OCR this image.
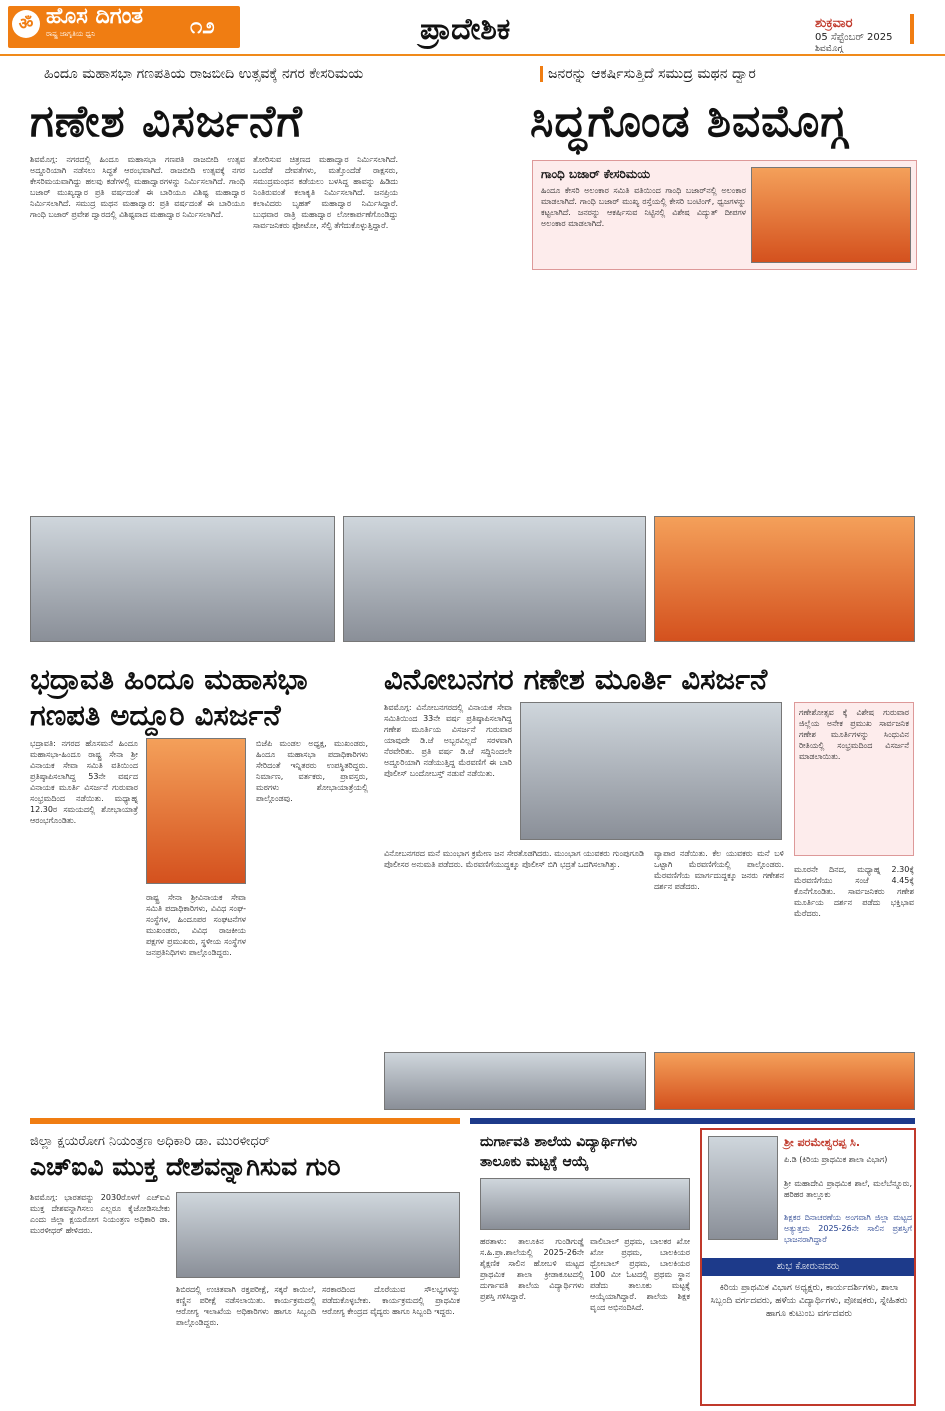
ॐ ಹೊಸ ದಿಗಂತ
ರಾಷ್ಟ್ರ ಜಾಗೃತಿಯ ಧ್ವನಿ	೧೨	ಪ್ರಾದೇಶಿಕ	ಶುಕ್ರವಾರ
05 ಸೆಪ್ಟೆಂಬರ್ 2025
ಶಿವಮೊಗ್ಗ
ಹಿಂದೂ ಮಹಾಸಭಾ ಗಣಪತಿಯ ರಾಜಬೀದಿ ಉತ್ಸವಕ್ಕೆ ನಗರ ಕೇಸರಿಮಯ	ಜನರನ್ನು ಆಕರ್ಷಿಸುತ್ತಿದೆ ಸಮುದ್ರ ಮಥನ ದ್ವಾರ
ಗಣೇಶ ವಿಸರ್ಜನೆಗೆ	ಸಿದ್ಧಗೊಂಡ ಶಿವಮೊಗ್ಗ
ಶಿವಮೊಗ್ಗ: ನಗರದಲ್ಲಿ ಹಿಂದೂ ಮಹಾಸಭಾ ಗಣಪತಿ ರಾಜಬೀದಿ ಉತ್ಸವ ಅದ್ದೂರಿಯಾಗಿ ನಡೆಸಲು ಸಿದ್ಧತೆ ಆರಂಭವಾಗಿದೆ. ರಾಜಬೀದಿ ಉತ್ಸವಕ್ಕೆ ನಗರ ಕೇಸರಿಮಯವಾಗಿದ್ದು ಹಲವು ಕಡೆಗಳಲ್ಲಿ ಮಹಾದ್ವಾರಗಳನ್ನು ನಿರ್ಮಿಸಲಾಗಿದೆ. ಗಾಂಧಿ ಬಜಾರ್ ಮುಖ್ಯದ್ವಾರ ಪ್ರತಿ ವರ್ಷದಂತೆ ಈ ಬಾರಿಯೂ ವಿಶಿಷ್ಟ ಮಹಾದ್ವಾರ ನಿರ್ಮಿಸಲಾಗಿದೆ. ಸಮುದ್ರ ಮಥನ ಮಹಾದ್ವಾರ: ಪ್ರತಿ ವರ್ಷದಂತೆ ಈ ಬಾರಿಯೂ ಗಾಂಧಿ ಬಜಾರ್ ಪ್ರವೇಶ ದ್ವಾರದಲ್ಲಿ ವಿಶಿಷ್ಟವಾದ ಮಹಾದ್ವಾರ ನಿರ್ಮಿಸಲಾಗಿದೆ.
ತೋರಿಸುವ ಚಿತ್ರಣದ ಮಹಾದ್ವಾರ ನಿರ್ಮಿಸಲಾಗಿದೆ. ಒಂದೆಡೆ ದೇವತೆಗಳು, ಮತ್ತೊಂದೆಡೆ ರಾಕ್ಷಸರು, ಸಮುದ್ರಮಂಥನ ಕಡೆಯಲು ಬಳಸಿದ್ದ ಹಾವನ್ನು ಹಿಡಿದು ನಿಂತಿರುವಂತೆ ಕಲಾಕೃತಿ ನಿರ್ಮಿಸಲಾಗಿದೆ. ಜನಪ್ರಿಯ ಕಲಾವಿದರು ಬೃಹತ್ ಮಹಾದ್ವಾರ ನಿರ್ಮಿಸಿದ್ದಾರೆ. ಬುಧವಾರ ರಾತ್ರಿ ಮಹಾದ್ವಾರ ಲೋಕಾರ್ಪಣೆಗೊಂಡಿದ್ದು ಸಾರ್ವಜನಿಕರು ಫೋಟೋ, ಸೆಲ್ಫಿ ತೆಗೆದುಕೊಳ್ಳುತ್ತಿದ್ದಾರೆ.
ಗಾಂಧಿ ಬಜಾರ್ ಕೇಸರಿಮಯ
ಹಿಂದೂ ಕೇಸರಿ ಅಲಂಕಾರ ಸಮಿತಿ ವತಿಯಿಂದ ಗಾಂಧಿ ಬಜಾರ್‌ನಲ್ಲಿ ಅಲಂಕಾರ ಮಾಡಲಾಗಿದೆ. ಗಾಂಧಿ ಬಜಾರ್ ಮುಖ್ಯ ರಸ್ತೆಯಲ್ಲಿ ಕೇಸರಿ ಬಂಟಿಂಗ್, ಧ್ವಜಗಳನ್ನು ಕಟ್ಟಲಾಗಿದೆ. ಜನರನ್ನು ಆಕರ್ಷಿಸುವ ನಿಟ್ಟಿನಲ್ಲಿ ವಿಶೇಷ ವಿದ್ಯುತ್ ದೀಪಗಳ ಅಲಂಕಾರ ಮಾಡಲಾಗಿದೆ.
ಭದ್ರಾವತಿ ಹಿಂದೂ ಮಹಾಸಭಾ
ಗಣಪತಿ ಅದ್ದೂರಿ ವಿಸರ್ಜನೆ
ಭದ್ರಾವತಿ: ನಗರದ ಹೊಸಮನೆ ಹಿಂದೂ ಮಹಾಸಭಾ-ಹಿಂದೂ ರಾಷ್ಟ್ರ ಸೇನಾ ಶ್ರೀ ವಿನಾಯಕ ಸೇವಾ ಸಮಿತಿ ವತಿಯಿಂದ ಪ್ರತಿಷ್ಠಾಪಿಸಲಾಗಿದ್ದ 53ನೇ ವರ್ಷದ ವಿನಾಯಕ ಮೂರ್ತಿ ವಿಸರ್ಜನೆ ಗುರುವಾರ ಸಂಭ್ರಮದಿಂದ ನಡೆಯಿತು. ಮಧ್ಯಾಹ್ನ 12.30ರ ಸಮಯದಲ್ಲಿ ಶೋಭಾಯಾತ್ರೆ ಆರಂಭಗೊಂಡಿತು.
ರಾಷ್ಟ್ರ ಸೇನಾ ಶ್ರೀವಿನಾಯಕ ಸೇವಾ ಸಮಿತಿ ಪದಾಧಿಕಾರಿಗಳು, ವಿವಿಧ ಸಂಘ-ಸಂಸ್ಥೆಗಳ, ಹಿಂದೂಪರ ಸಂಘಟನೆಗಳ ಮುಖಂಡರು, ವಿವಿಧ ರಾಜಕೀಯ ಪಕ್ಷಗಳ ಪ್ರಮುಖರು, ಸ್ಥಳೀಯ ಸಂಸ್ಥೆಗಳ ಜನಪ್ರತಿನಿಧಿಗಳು ಪಾಲ್ಗೊಂಡಿದ್ದರು.
ಬಿಜೆಪಿ ಮಂಡಲ ಅಧ್ಯಕ್ಷ, ಮುಖಂಡರು, ಹಿಂದೂ ಮಹಾಸಭಾ ಪದಾಧಿಕಾರಿಗಳು ಸೇರಿದಂತೆ ಇನ್ನಿತರರು ಉಪಸ್ಥಿತರಿದ್ದರು. ನಿರ್ಮಾಣ, ವರ್ತಕರು, ಪ್ರಾವಸ್ತರು, ಮಠಗಳು ಶೋಭಾಯಾತ್ರೆಯಲ್ಲಿ ಪಾಲ್ಗೊಂಡವು.
ವಿನೋಬನಗರ ಗಣೇಶ ಮೂರ್ತಿ ವಿಸರ್ಜನೆ
ಶಿವಮೊಗ್ಗ: ವಿನೋಬನಗರದಲ್ಲಿ ವಿನಾಯಕ ಸೇವಾ ಸಮಿತಿಯಿಂದ 33ನೇ ವರ್ಷ ಪ್ರತಿಷ್ಠಾಪಿಸಲಾಗಿದ್ದ ಗಣೇಶ ಮೂರ್ತಿಯ ವಿಸರ್ಜನೆ ಗುರುವಾರ ಯಾವುದೇ ಡಿ.ಜೆ ಅಬ್ಬರವಿಲ್ಲದೆ ಸರಳವಾಗಿ ನೆರವೇರಿತು. ಪ್ರತಿ ವರ್ಷ ಡಿ.ಜೆ ಸದ್ದಿನಿಂದಲೇ ಅದ್ದೂರಿಯಾಗಿ ನಡೆಯುತ್ತಿದ್ದ ಮೆರವಣಿಗೆ ಈ ಬಾರಿ ಪೊಲೀಸ್ ಬಂದೋಬಸ್ತ್ ನಡುವೆ ನಡೆಯಿತು.
ಗಣೇಶೋತ್ಸವ ಕ್ಕೆ ವಿಶೇಷ ಗುರುವಾರ ಜಿಲ್ಲೆಯ ಅನೇಕ ಪ್ರಮುಖ ಸಾರ್ವಜನಿಕ ಗಣೇಶ ಮೂರ್ತಿಗಳನ್ನು ಸಿಂಧುವಿನ ರೀತಿಯಲ್ಲಿ ಸಂಭ್ರಮದಿಂದ ವಿಸರ್ಜನೆ ಮಾಡಲಾಯಿತು.
ವಿನೋಬನಗರದ ಮನೆ ಮುಂಭಾಗ ಕ್ರಮೇಣ ಜನ ಸೇರತೊಡಗಿದರು. ಮುಂಭಾಗ ಯುವಕರು ಗುಂಪುಗೂಡಿ ಪೊಲೀಸರ ಅನುಮತಿ ಪಡೆದರು. ಮೆರವಣಿಗೆಯುದ್ದಕ್ಕೂ ಪೊಲೀಸ್ ಬಿಗಿ ಭದ್ರತೆ ಒದಗಿಸಲಾಗಿತ್ತು.
ವ್ಯಾಪಾರ ನಡೆಯಿತು. ಕೆಲ ಯುವಕರು ಮನೆ ಬಳಿ ಒಟ್ಟಾಗಿ ಮೆರವಣಿಗೆಯಲ್ಲಿ ಪಾಲ್ಗೊಂಡರು. ಮೆರವಣಿಗೆಯ ಮಾರ್ಗದುದ್ದಕ್ಕೂ ಜನರು ಗಣೇಶನ ದರ್ಶನ ಪಡೆದರು.
ಮೂರನೇ ದಿನದ, ಮಧ್ಯಾಹ್ನ 2.30ಕ್ಕೆ ಮೆರವಣಿಗೆಯು ಸಂಜೆ 4.45ಕ್ಕೆ ಕೊನೆಗೊಂಡಿತು. ಸಾರ್ವಜನಿಕರು ಗಣೇಶ ಮೂರ್ತಿಯ ದರ್ಶನ ಪಡೆದು ಭಕ್ತಿಭಾವ ಮೆರೆದರು.
ಜಿಲ್ಲಾ ಕ್ಷಯರೋಗ ನಿಯಂತ್ರಣ ಅಧಿಕಾರಿ ಡಾ. ಮುರಳೀಧರ್
ಎಚ್‌ಐವಿ ಮುಕ್ತ ದೇಶವನ್ನಾಗಿಸುವ ಗುರಿ
ಶಿವಮೊಗ್ಗ: ಭಾರತವನ್ನು 2030ರೊಳಗೆ ಎಚ್‌ಐವಿ ಮುಕ್ತ ದೇಶವನ್ನಾಗಿಸಲು ಎಲ್ಲರೂ ಕೈಜೋಡಿಸಬೇಕು ಎಂದು ಜಿಲ್ಲಾ ಕ್ಷಯರೋಗ ನಿಯಂತ್ರಣ ಅಧಿಕಾರಿ ಡಾ. ಮುರಳೀಧರ್ ಹೇಳಿದರು.
ಶಿಬಿರದಲ್ಲಿ ಉಚಿತವಾಗಿ ರಕ್ತಪರೀಕ್ಷೆ, ಸಕ್ಕರೆ ಕಾಯಿಲೆ, ಕಣ್ಣಿನ ಪರೀಕ್ಷೆ ನಡೆಸಲಾಯಿತು. ಕಾರ್ಯಕ್ರಮದಲ್ಲಿ ಆರೋಗ್ಯ ಇಲಾಖೆಯ ಅಧಿಕಾರಿಗಳು ಹಾಗೂ ಸಿಬ್ಬಂದಿ ಪಾಲ್ಗೊಂಡಿದ್ದರು.
ಸರಕಾರದಿಂದ ದೊರೆಯುವ ಸೌಲಭ್ಯಗಳನ್ನು ಪಡೆದುಕೊಳ್ಳಬೇಕು. ಕಾರ್ಯಕ್ರಮದಲ್ಲಿ ಪ್ರಾಥಮಿಕ ಆರೋಗ್ಯ ಕೇಂದ್ರದ ವೈದ್ಯರು ಹಾಗೂ ಸಿಬ್ಬಂದಿ ಇದ್ದರು.
ದುರ್ಗಾವತಿ ಶಾಲೆಯ ವಿದ್ಯಾರ್ಥಿಗಳು
ತಾಲೂಕು ಮಟ್ಟಕ್ಕೆ ಆಯ್ಕೆ
ಹರತಾಳು: ತಾಲೂಕಿನ ಗುಂಡಿಗುಡ್ಡೆ ಸ.ಹಿ.ಪ್ರಾ.ಶಾಲೆಯಲ್ಲಿ 2025-26ನೇ ಶೈಕ್ಷಣಿಕ ಸಾಲಿನ ಹೋಬಳಿ ಮಟ್ಟದ ಪ್ರಾಥಮಿಕ ಶಾಲಾ ಕ್ರೀಡಾಕೂಟದಲ್ಲಿ ದುರ್ಗಾವತಿ ಶಾಲೆಯ ವಿದ್ಯಾರ್ಥಿಗಳು ಪ್ರಶಸ್ತಿ ಗಳಿಸಿದ್ದಾರೆ.
ವಾಲಿಬಾಲ್ ಪ್ರಥಮ, ಬಾಲಕರ ಖೋ ಖೋ ಪ್ರಥಮ, ಬಾಲಕಿಯರ ಥ್ರೋಬಾಲ್ ಪ್ರಥಮ, ಬಾಲಕಿಯರ 100 ಮೀ ಓಟದಲ್ಲಿ ಪ್ರಥಮ ಸ್ಥಾನ ಪಡೆದು ತಾಲೂಕು ಮಟ್ಟಕ್ಕೆ ಆಯ್ಕೆಯಾಗಿದ್ದಾರೆ. ಶಾಲೆಯ ಶಿಕ್ಷಕ ವೃಂದ ಅಭಿನಂದಿಸಿದೆ.
ಶ್ರೀ ಪರಮೇಶ್ವರಪ್ಪ ಸಿ.
ಪಿ.ಡಿ (ಕಿರಿಯ ಪ್ರಾಥಮಿಕ ಶಾಲಾ ವಿಭಾಗ)
ಶ್ರೀ ಮಹಾದೇವಿ ಪ್ರಾಥಮಿಕ ಶಾಲೆ, ಮಲೆಬೆನ್ನೂರು, ಹರಿಹರ ತಾಲ್ಲೂಕು
ಶಿಕ್ಷಕರ ದಿನಾಚರಣೆಯ ಅಂಗವಾಗಿ ಜಿಲ್ಲಾ ಮಟ್ಟದ ಅತ್ಯುತ್ತಮ 2025-26ನೇ ಸಾಲಿನ ಪ್ರಶಸ್ತಿಗೆ ಭಾಜನರಾಗಿದ್ದಾರೆ
ಶುಭ ಕೋರುವವರು
ಕಿರಿಯ ಪ್ರಾಥಮಿಕ ವಿಭಾಗ ಅಧ್ಯಕ್ಷರು, ಕಾರ್ಯದರ್ಶಿಗಳು, ಶಾಲಾ ಸಿಬ್ಬಂದಿ ವರ್ಗದವರು, ಹಳೆಯ ವಿದ್ಯಾರ್ಥಿಗಳು, ಪೋಷಕರು, ಸ್ನೇಹಿತರು ಹಾಗೂ ಕುಟುಂಬ ವರ್ಗದವರು
